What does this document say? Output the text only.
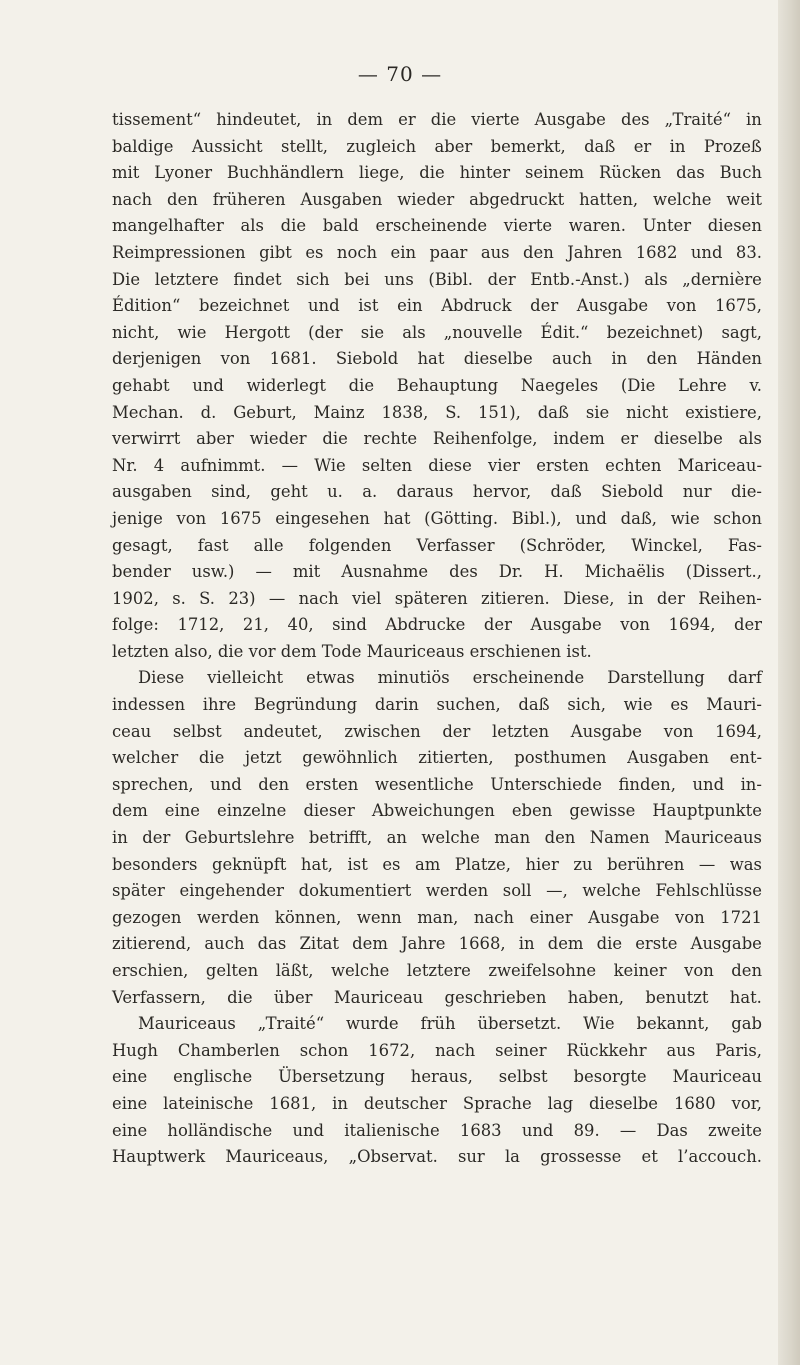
— 70 —
tissement“ hindeutet, in dem er die vierte Ausgabe des „Traité“ in
baldige Aussicht stellt, zugleich aber bemerkt, daß er in Prozeß
mit Lyoner Buchhändlern liege, die hinter seinem Rücken das Buch
nach den früheren Ausgaben wieder abgedruckt hatten, welche weit
mangelhafter als die bald erscheinende vierte waren. Unter diesen
Reimpressionen gibt es noch ein paar aus den Jahren 1682 und 83.
Die letztere findet sich bei uns (Bibl. der Entb.-Anst.) als „dernière
Édition“ bezeichnet und ist ein Abdruck der Ausgabe von 1675,
nicht, wie Hergott (der sie als „nouvelle Édit.“ bezeichnet) sagt,
derjenigen von 1681. Siebold hat dieselbe auch in den Händen
gehabt und widerlegt die Behauptung Naegeles (Die Lehre v.
Mechan. d. Geburt, Mainz 1838, S. 151), daß sie nicht existiere,
verwirrt aber wieder die rechte Reihenfolge, indem er dieselbe als
Nr. 4 aufnimmt. — Wie selten diese vier ersten echten Mariceau-
ausgaben sind, geht u. a. daraus hervor, daß Siebold nur die-
jenige von 1675 eingesehen hat (Götting. Bibl.), und daß, wie schon
gesagt, fast alle folgenden Verfasser (Schröder, Winckel, Fas-
bender usw.) — mit Ausnahme des Dr. H. Michaëlis (Dissert.,
1902, s. S. 23) — nach viel späteren zitieren. Diese, in der Reihen-
folge: 1712, 21, 40, sind Abdrucke der Ausgabe von 1694, der
letzten also, die vor dem Tode Mauriceaus erschienen ist.
Diese vielleicht etwas minutiös erscheinende Darstellung darf
indessen ihre Begründung darin suchen, daß sich, wie es Mauri-
ceau selbst andeutet, zwischen der letzten Ausgabe von 1694,
welcher die jetzt gewöhnlich zitierten, posthumen Ausgaben ent-
sprechen, und den ersten wesentliche Unterschiede finden, und in-
dem eine einzelne dieser Abweichungen eben gewisse Hauptpunkte
in der Geburtslehre betrifft, an welche man den Namen Mauriceaus
besonders geknüpft hat, ist es am Platze, hier zu berühren — was
später eingehender dokumentiert werden soll —, welche Fehlschlüsse
gezogen werden können, wenn man, nach einer Ausgabe von 1721
zitierend, auch das Zitat dem Jahre 1668, in dem die erste Ausgabe
erschien, gelten läßt, welche letztere zweifelsohne keiner von den
Verfassern, die über Mauriceau geschrieben haben, benutzt hat.
Mauriceaus „Traité“ wurde früh übersetzt. Wie bekannt, gab
Hugh Chamberlen schon 1672, nach seiner Rückkehr aus Paris,
eine englische Übersetzung heraus, selbst besorgte Mauriceau
eine lateinische 1681, in deutscher Sprache lag dieselbe 1680 vor,
eine holländische und italienische 1683 und 89. — Das zweite
Hauptwerk Mauriceaus, „Observat. sur la grossesse et l’accouch.
